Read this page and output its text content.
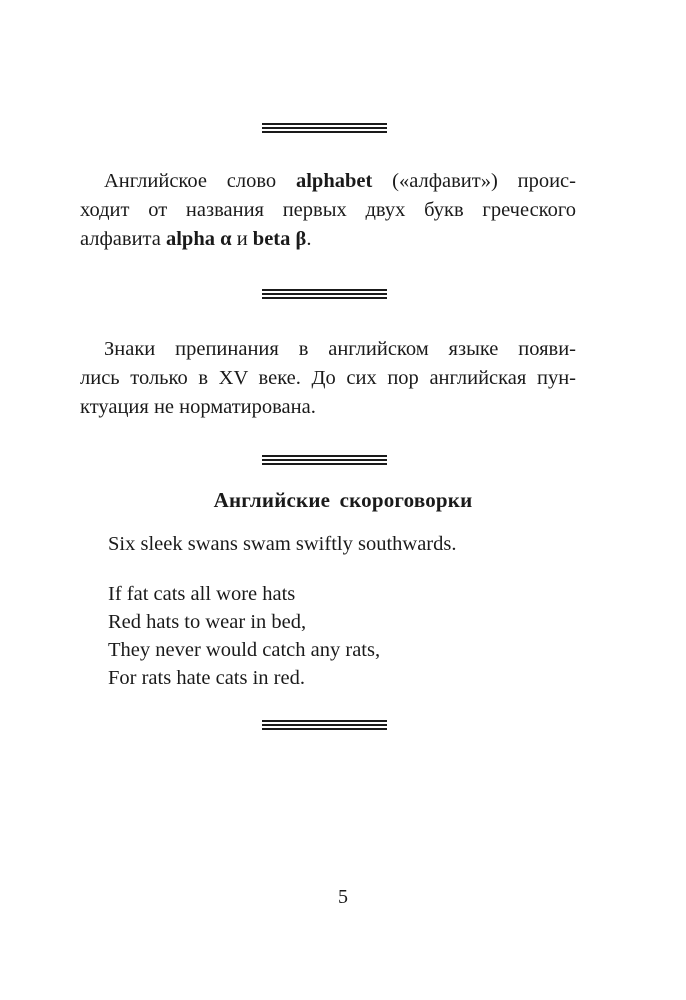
Английское слово alphabet («алфавит») проис-
ходит от названия первых двух букв греческого
алфавита alpha α и beta β.

Знаки препинания в английском языке появи-
лись только в XV веке. До сих пор английская пун-
ктуация не норматирована.

Английские скороговорки

Six sleek swans swam swiftly southwards.

If fat cats all wore hats
Red hats to wear in bed,
They never would catch any rats,
For rats hate cats in red.

5
